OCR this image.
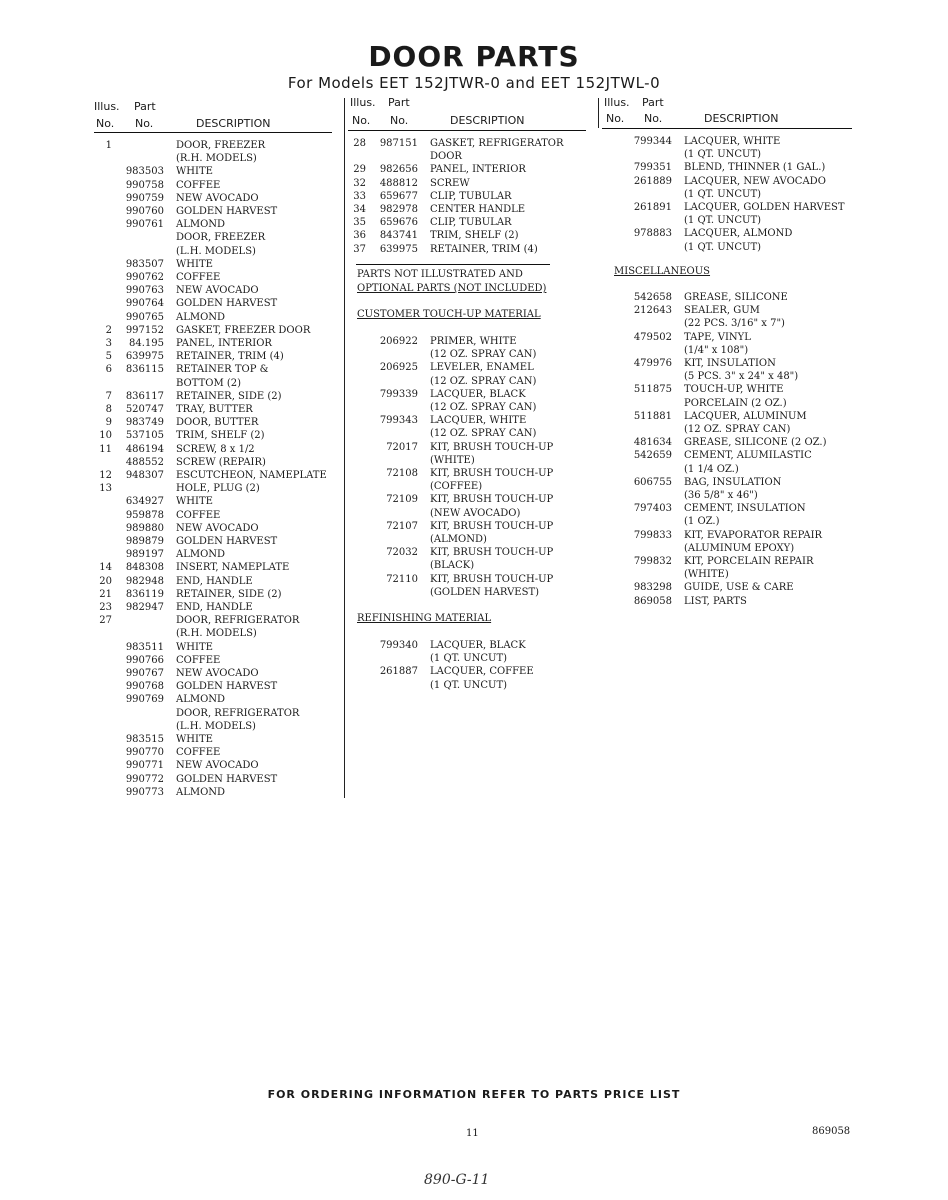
DOOR PARTS
For Models EET 152JTWR-0 and EET 152JTWL-0
Illus. Part
No. No.	DESCRIPTION
Illus. Part
No. No.	DESCRIPTION
Illus. Part
No. No.	DESCRIPTION
1	DOOR, FREEZER
(R.H. MODELS)
983503 WHITE
990758 COFFEE
990759 NEW AVOCADO
990760 GOLDEN HARVEST
990761 ALMOND
DOOR, FREEZER
(L.H. MODELS)
983507 WHITE
990762 COFFEE
990763 NEW AVOCADO
990764 GOLDEN HARVEST
990765 ALMOND
2	997152 GASKET, FREEZER DOOR
3	84.195 PANEL, INTERIOR
5	639975 RETAINER, TRIM (4)
6	836115 RETAINER TOP &
BOTTOM (2)
7	836117 RETAINER, SIDE (2)
8	520747 TRAY, BUTTER
9	983749 DOOR, BUTTER
10	537105 TRIM, SHELF (2)
11	486194 SCREW, 8 x 1/2
488552 SCREW (REPAIR)
12	948307 ESCUTCHEON, NAMEPLATE
13	HOLE, PLUG (2)
634927 WHITE
959878 COFFEE
989880 NEW AVOCADO
989879 GOLDEN HARVEST
989197 ALMOND
14	848308 INSERT, NAMEPLATE
20	982948 END, HANDLE
21	836119 RETAINER, SIDE (2)
23	982947 END, HANDLE
27	DOOR, REFRIGERATOR
(R.H. MODELS)
983511 WHITE
990766 COFFEE
990767 NEW AVOCADO
990768 GOLDEN HARVEST
990769 ALMOND
DOOR, REFRIGERATOR
(L.H. MODELS)
983515 WHITE
990770 COFFEE
990771 NEW AVOCADO
990772 GOLDEN HARVEST
990773 ALMOND
28	987151 GASKET, REFRIGERATOR
DOOR
29	982656 PANEL, INTERIOR
32	488812 SCREW
33	659677 CLIP, TUBULAR
34	982978 CENTER HANDLE
35	659676 CLIP, TUBULAR
36	843741 TRIM, SHELF (2)
37	639975 RETAINER, TRIM (4)
206922 PRIMER, WHITE
(12 OZ. SPRAY CAN)
206925 LEVELER, ENAMEL
(12 OZ. SPRAY CAN)
799339 LACQUER, BLACK
(12 OZ. SPRAY CAN)
799343 LACQUER, WHITE
(12 OZ. SPRAY CAN)
72017 KIT, BRUSH TOUCH-UP
(WHITE)
72108 KIT, BRUSH TOUCH-UP
(COFFEE)
72109 KIT, BRUSH TOUCH-UP
(NEW AVOCADO)
72107 KIT, BRUSH TOUCH-UP
(ALMOND)
72032 KIT, BRUSH TOUCH-UP
(BLACK)
72110 KIT, BRUSH TOUCH-UP
(GOLDEN HARVEST)
799340 LACQUER, BLACK
(1 QT. UNCUT)
261887 LACQUER, COFFEE
(1 QT. UNCUT)
799344 LACQUER, WHITE
(1 QT. UNCUT)
799351 BLEND, THINNER (1 GAL.)
261889 LACQUER, NEW AVOCADO
(1 QT. UNCUT)
261891 LACQUER, GOLDEN HARVEST
(1 QT. UNCUT)
978883 LACQUER, ALMOND
(1 QT. UNCUT)
542658 GREASE, SILICONE
212643 SEALER, GUM
(22 PCS. 3/16" x 7")
479502 TAPE, VINYL
(1/4" x 108")
479976 KIT, INSULATION
(5 PCS. 3" x 24" x 48")
511875 TOUCH-UP, WHITE
PORCELAIN (2 OZ.)
511881 LACQUER, ALUMINUM
(12 OZ. SPRAY CAN)
481634 GREASE, SILICONE (2 OZ.)
542659 CEMENT, ALUMILASTIC
(1 1/4 OZ.)
606755 BAG, INSULATION
(36 5/8" x 46")
797403 CEMENT, INSULATION
(1 OZ.)
799833 KIT, EVAPORATOR REPAIR
(ALUMINUM EPOXY)
799832 KIT, PORCELAIN REPAIR
(WHITE)
983298 GUIDE, USE & CARE
869058 LIST, PARTS
PARTS NOT ILLUSTRATED AND
OPTIONAL PARTS (NOT INCLUDED)
CUSTOMER TOUCH-UP MATERIAL
REFINISHING MATERIAL
MISCELLANEOUS
FOR ORDERING INFORMATION REFER TO PARTS PRICE LIST
11	869058
890-G-11
